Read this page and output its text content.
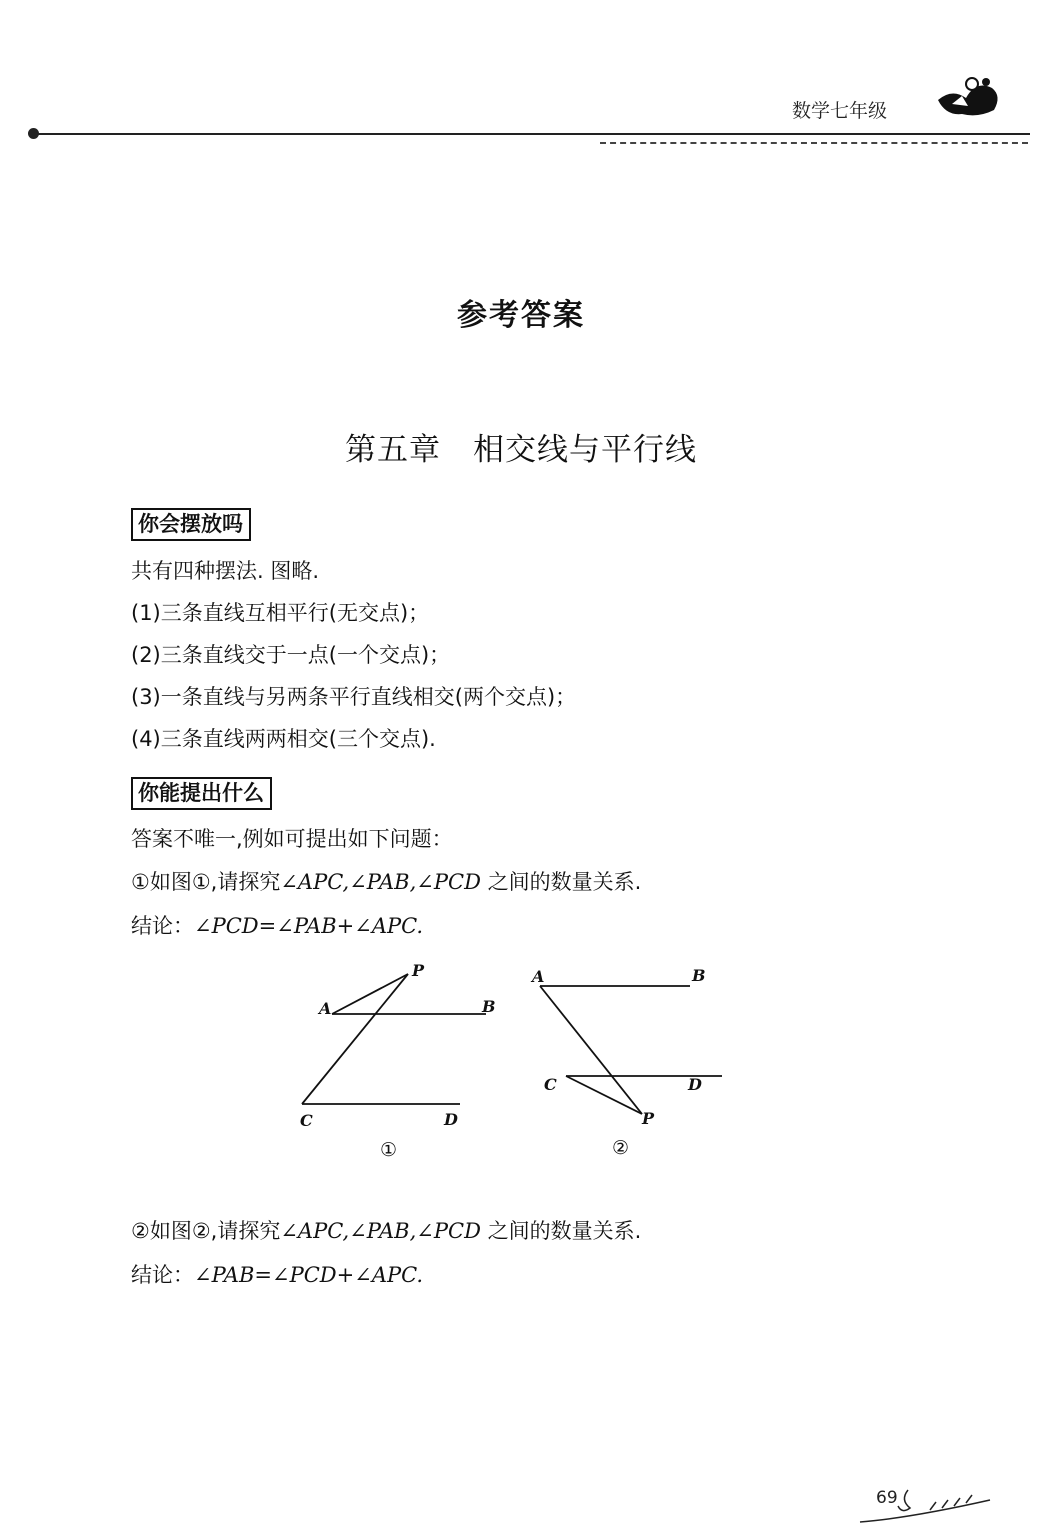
数学七年级
参考答案
第五章　相交线与平行线
你会摆放吗
共有四种摆法. 图略.
(1)三条直线互相平行(无交点)；
(2)三条直线交于一点(一个交点)；
(3)一条直线与另两条平行直线相交(两个交点)；
(4)三条直线两两相交(三个交点).
你能提出什么
答案不唯一,例如可提出如下问题：
①如图①,请探究∠APC,∠PAB,∠PCD 之间的数量关系.
结论：∠PCD=∠PAB+∠APC.
P
A	B
C	D
①
A	B
C	D
P
②
②如图②,请探究∠APC,∠PAB,∠PCD 之间的数量关系.
结论：∠PAB=∠PCD+∠APC.
69
